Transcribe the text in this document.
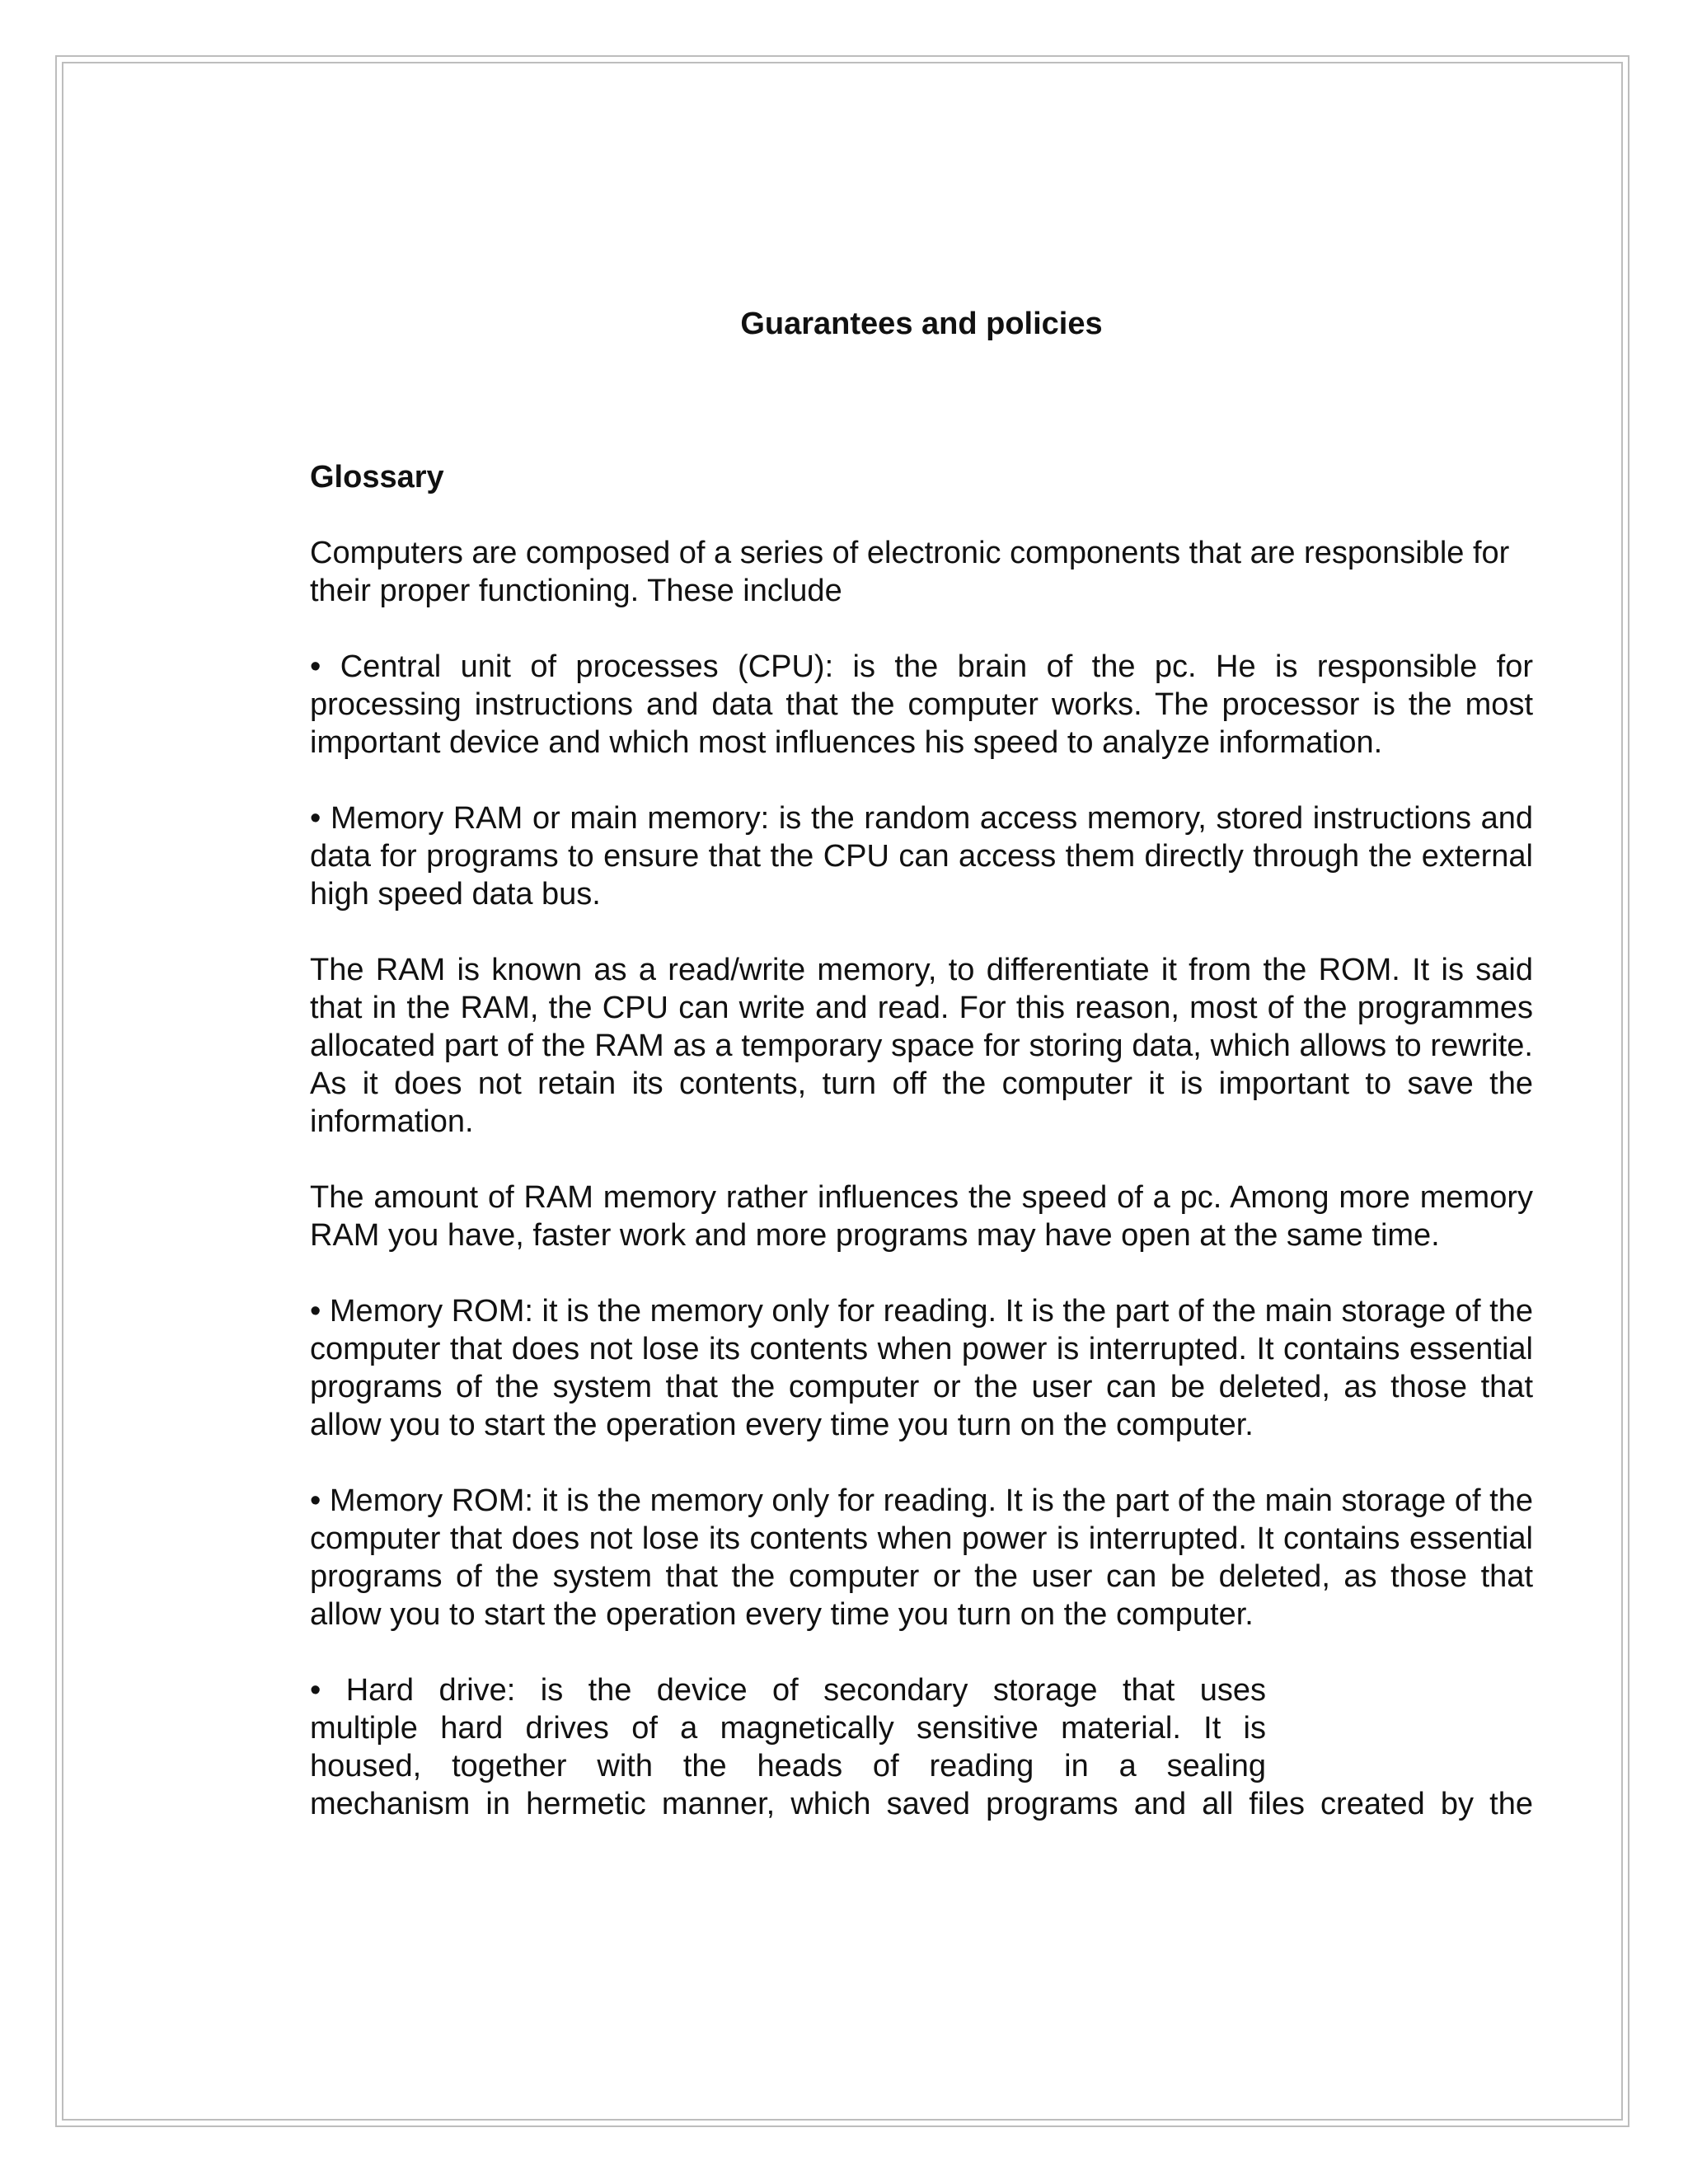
Guarantees and policies
Glossary

Computers are composed of a series of electronic components that are responsible for their proper functioning. These include

• Central unit of processes (CPU): is the brain of the pc. He is responsible for processing instructions and data that the computer works. The processor is the most important device and which most influences his speed to analyze information.

• Memory RAM or main memory: is the random access memory, stored instructions and data for programs to ensure that the CPU can access them directly through the external high speed data bus.

The RAM is known as a read/write memory, to differentiate it from the ROM. It is said that in the RAM, the CPU can write and read. For this reason, most of the programmes allocated part of the RAM as a temporary space for storing data, which allows to rewrite. As it does not retain its contents, turn off the computer it is important to save the information.

The amount of RAM memory rather influences the speed of a pc. Among more memory RAM you have, faster work and more programs may have open at the same time.

• Memory ROM: it is the memory only for reading. It is the part of the main storage of the computer that does not lose its contents when power is interrupted. It contains essential programs of the system that the computer or the user can be deleted, as those that allow you to start the operation every time you turn on the computer.

• Memory ROM: it is the memory only for reading. It is the part of the main storage of the computer that does not lose its contents when power is interrupted. It contains essential programs of the system that the computer or the user can be deleted, as those that allow you to start the operation every time you turn on the computer.

• Hard drive: is the device of secondary storage that uses
multiple hard drives of a magnetically sensitive material. It is
housed, together with the heads of reading in a sealing
mechanism in hermetic manner, which saved programs and all files created by the
